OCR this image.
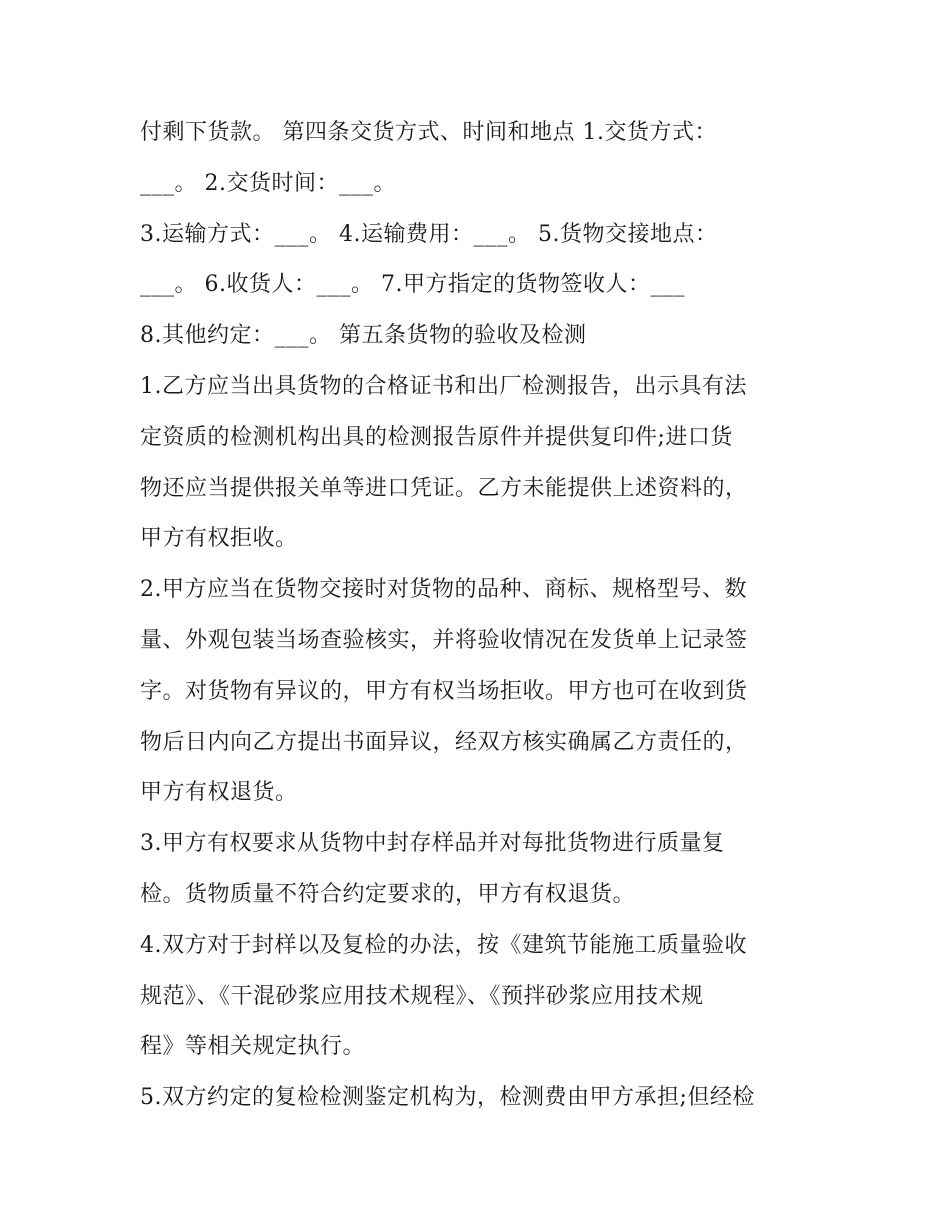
付剩下货款。 第四条交货方式、时间和地点 1.交货方式：
___。 2.交货时间：___。
3.运输方式：___。 4.运输费用：___。 5.货物交接地点：
___。 6.收货人：___。 7.甲方指定的货物签收人：___
8.其他约定：___。 第五条货物的验收及检测
1.乙方应当出具货物的合格证书和出厂检测报告，出示具有法
定资质的检测机构出具的检测报告原件并提供复印件;进口货
物还应当提供报关单等进口凭证。乙方未能提供上述资料的，
甲方有权拒收。
2.甲方应当在货物交接时对货物的品种、商标、规格型号、数
量、外观包装当场查验核实，并将验收情况在发货单上记录签
字。对货物有异议的，甲方有权当场拒收。甲方也可在收到货
物后日内向乙方提出书面异议，经双方核实确属乙方责任的，
甲方有权退货。
3.甲方有权要求从货物中封存样品并对每批货物进行质量复
检。货物质量不符合约定要求的，甲方有权退货。
4.双方对于封样以及复检的办法，按《建筑节能施工质量验收
规范》、《干混砂浆应用技术规程》、《预拌砂浆应用技术规
程》等相关规定执行。
5.双方约定的复检检测鉴定机构为，检测费由甲方承担;但经检
